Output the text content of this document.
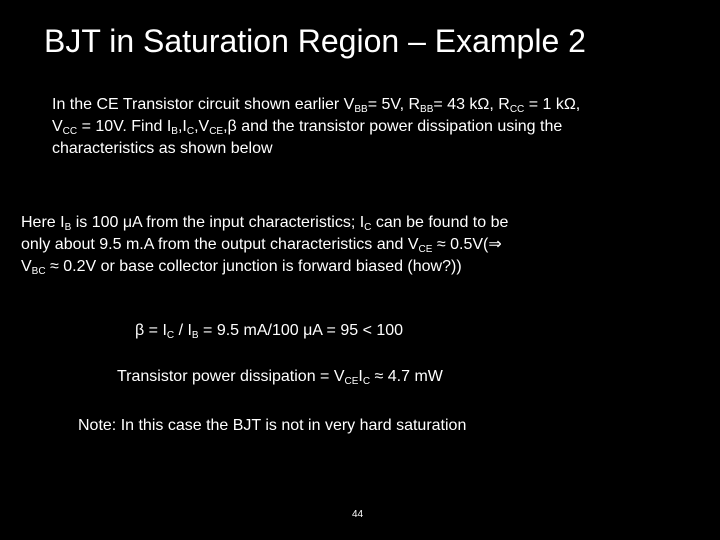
BJT in Saturation Region – Example 2
In the CE Transistor circuit shown earlier $V_{BB}= 5V$, $R_{BB}= 43$ kΩ, $R_{CC} = 1$ kΩ,
$V_{CC} = 10V$. Find $I_B,I_C,V_{CE},\beta$ and the transistor power dissipation using the
characteristics as shown below
Here $I_B$ is 100 μA from the input characteristics; $I_C$ can be found to be
only about 9.5 m.A from the output characteristics and $V_{CE}$ ≈ 0.5V(⇒
$V_{BC} \approx 0.2V$ or base collector junction is forward biased (how?))
$\beta = I_C / I_B = 9.5$ mA/100 μA = 95 < 100
Transistor power dissipation = $V_{CE}I_C \approx 4.7$ mW
Note: In this case the BJT is not in very hard saturation
44
